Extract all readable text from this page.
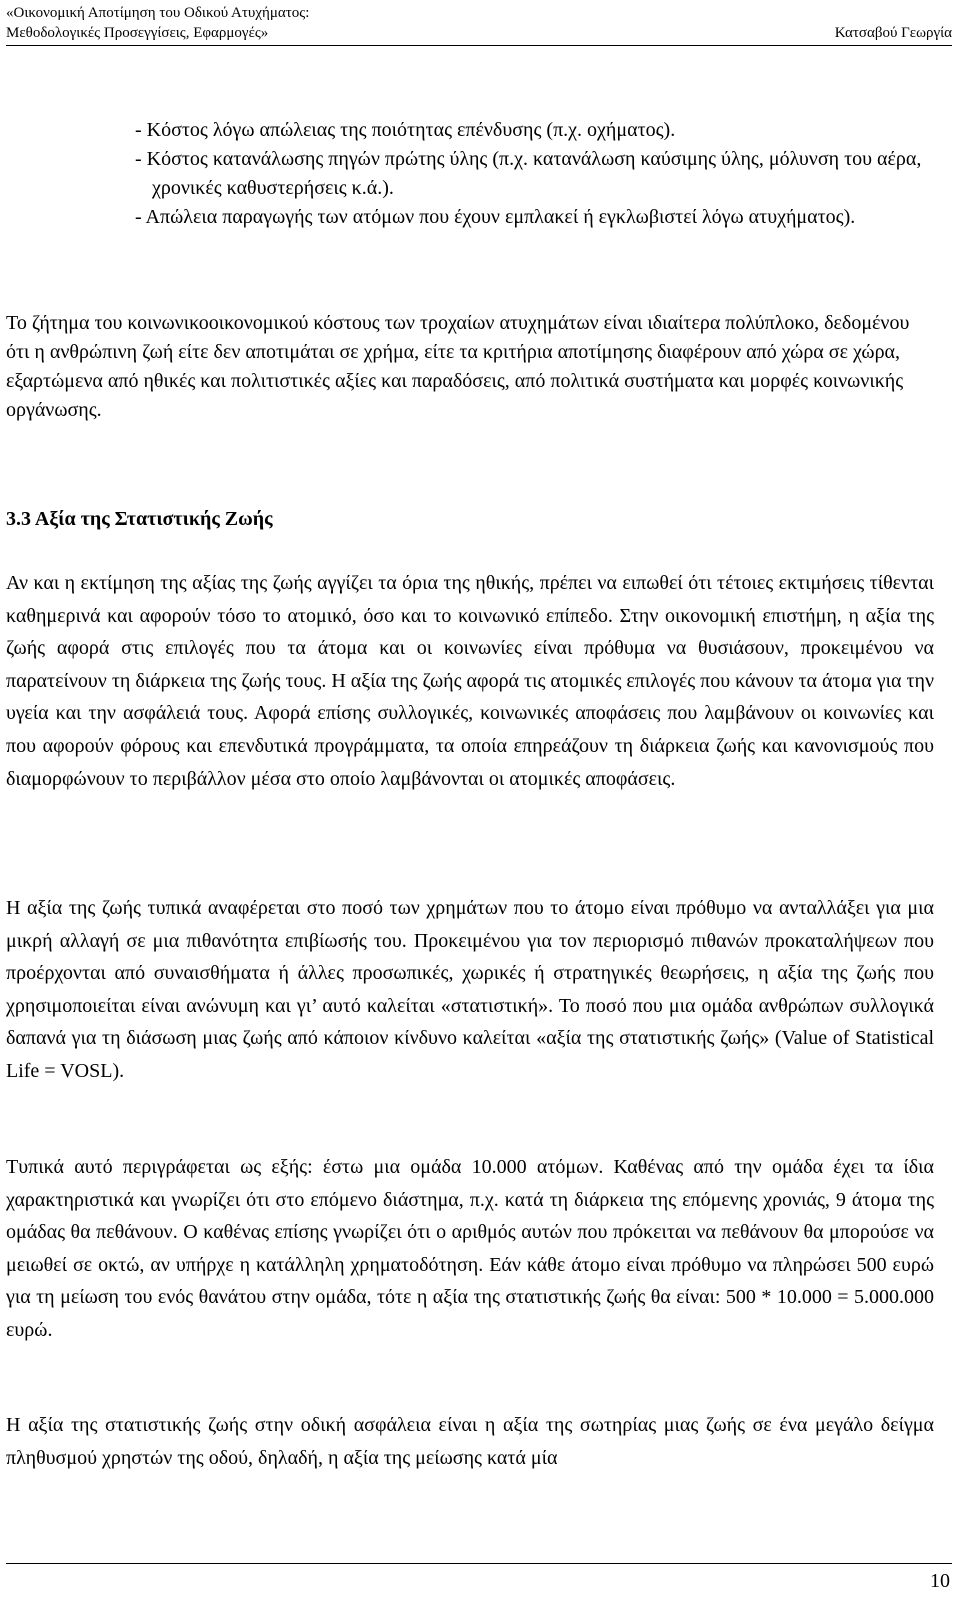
«Οικονομική Αποτίμηση του Οδικού Ατυχήματος:
Μεθοδολογικές Προσεγγίσεις, Εφαρμογές»	Κατσαβού Γεωργία
- Κόστος λόγω απώλειας της ποιότητας επένδυσης (π.χ. οχήματος).
- Κόστος κατανάλωσης πηγών πρώτης ύλης (π.χ. κατανάλωση καύσιμης ύλης, μόλυνση του αέρα, χρονικές καθυστερήσεις κ.ά.).
- Απώλεια παραγωγής των ατόμων που έχουν εμπλακεί ή εγκλωβιστεί λόγω ατυχήματος).
Το ζήτημα του κοινωνικοοικονομικού κόστους των τροχαίων ατυχημάτων είναι ιδιαίτερα πολύπλοκο, δεδομένου ότι η ανθρώπινη ζωή είτε δεν αποτιμάται σε χρήμα, είτε τα κριτήρια αποτίμησης διαφέρουν από χώρα σε χώρα, εξαρτώμενα από ηθικές και πολιτιστικές αξίες και παραδόσεις, από πολιτικά συστήματα και μορφές κοινωνικής οργάνωσης.
3.3 Αξία της Στατιστικής Ζωής
Αν και η εκτίμηση της αξίας της ζωής αγγίζει τα όρια της ηθικής, πρέπει να ειπωθεί ότι τέτοιες εκτιμήσεις τίθενται καθημερινά και αφορούν τόσο το ατομικό, όσο και το κοινωνικό επίπεδο. Στην οικονομική επιστήμη, η αξία της ζωής αφορά στις επιλογές που τα άτομα και οι κοινωνίες είναι πρόθυμα να θυσιάσουν, προκειμένου να παρατείνουν τη διάρκεια της ζωής τους. Η αξία της ζωής αφορά τις ατομικές επιλογές που κάνουν τα άτομα για την υγεία και την ασφάλειά τους. Αφορά επίσης συλλογικές, κοινωνικές αποφάσεις που λαμβάνουν οι κοινωνίες και που αφορούν φόρους και επενδυτικά προγράμματα, τα οποία επηρεάζουν τη διάρκεια ζωής και κανονισμούς που διαμορφώνουν το περιβάλλον μέσα στο οποίο λαμβάνονται οι ατομικές αποφάσεις.
Η αξία της ζωής τυπικά αναφέρεται στο ποσό των χρημάτων που το άτομο είναι πρόθυμο να ανταλλάξει για μια μικρή αλλαγή σε μια πιθανότητα επιβίωσής του. Προκειμένου για τον περιορισμό πιθανών προκαταλήψεων που προέρχονται από συναισθήματα ή άλλες προσωπικές, χωρικές ή στρατηγικές θεωρήσεις, η αξία της ζωής που χρησιμοποιείται είναι ανώνυμη και γι’ αυτό καλείται «στατιστική». Το ποσό που μια ομάδα ανθρώπων συλλογικά δαπανά για τη διάσωση μιας ζωής από κάποιον κίνδυνο καλείται «αξία της στατιστικής ζωής» (Value of Statistical Life = VOSL).
Τυπικά αυτό περιγράφεται ως εξής: έστω μια ομάδα 10.000 ατόμων. Καθένας από την ομάδα έχει τα ίδια χαρακτηριστικά και γνωρίζει ότι στο επόμενο διάστημα, π.χ. κατά τη διάρκεια της επόμενης χρονιάς, 9 άτομα της ομάδας θα πεθάνουν. Ο καθένας επίσης γνωρίζει ότι ο αριθμός αυτών που πρόκειται να πεθάνουν θα μπορούσε να μειωθεί σε οκτώ, αν υπήρχε η κατάλληλη χρηματοδότηση. Εάν κάθε άτομο είναι πρόθυμο να πληρώσει 500 ευρώ για τη μείωση του ενός θανάτου στην ομάδα, τότε η αξία της στατιστικής ζωής θα είναι: 500 * 10.000 = 5.000.000 ευρώ.
Η αξία της στατιστικής ζωής στην οδική ασφάλεια είναι η αξία της σωτηρίας μιας ζωής σε ένα μεγάλο δείγμα πληθυσμού χρηστών της οδού, δηλαδή, η αξία της μείωσης κατά μία
10
